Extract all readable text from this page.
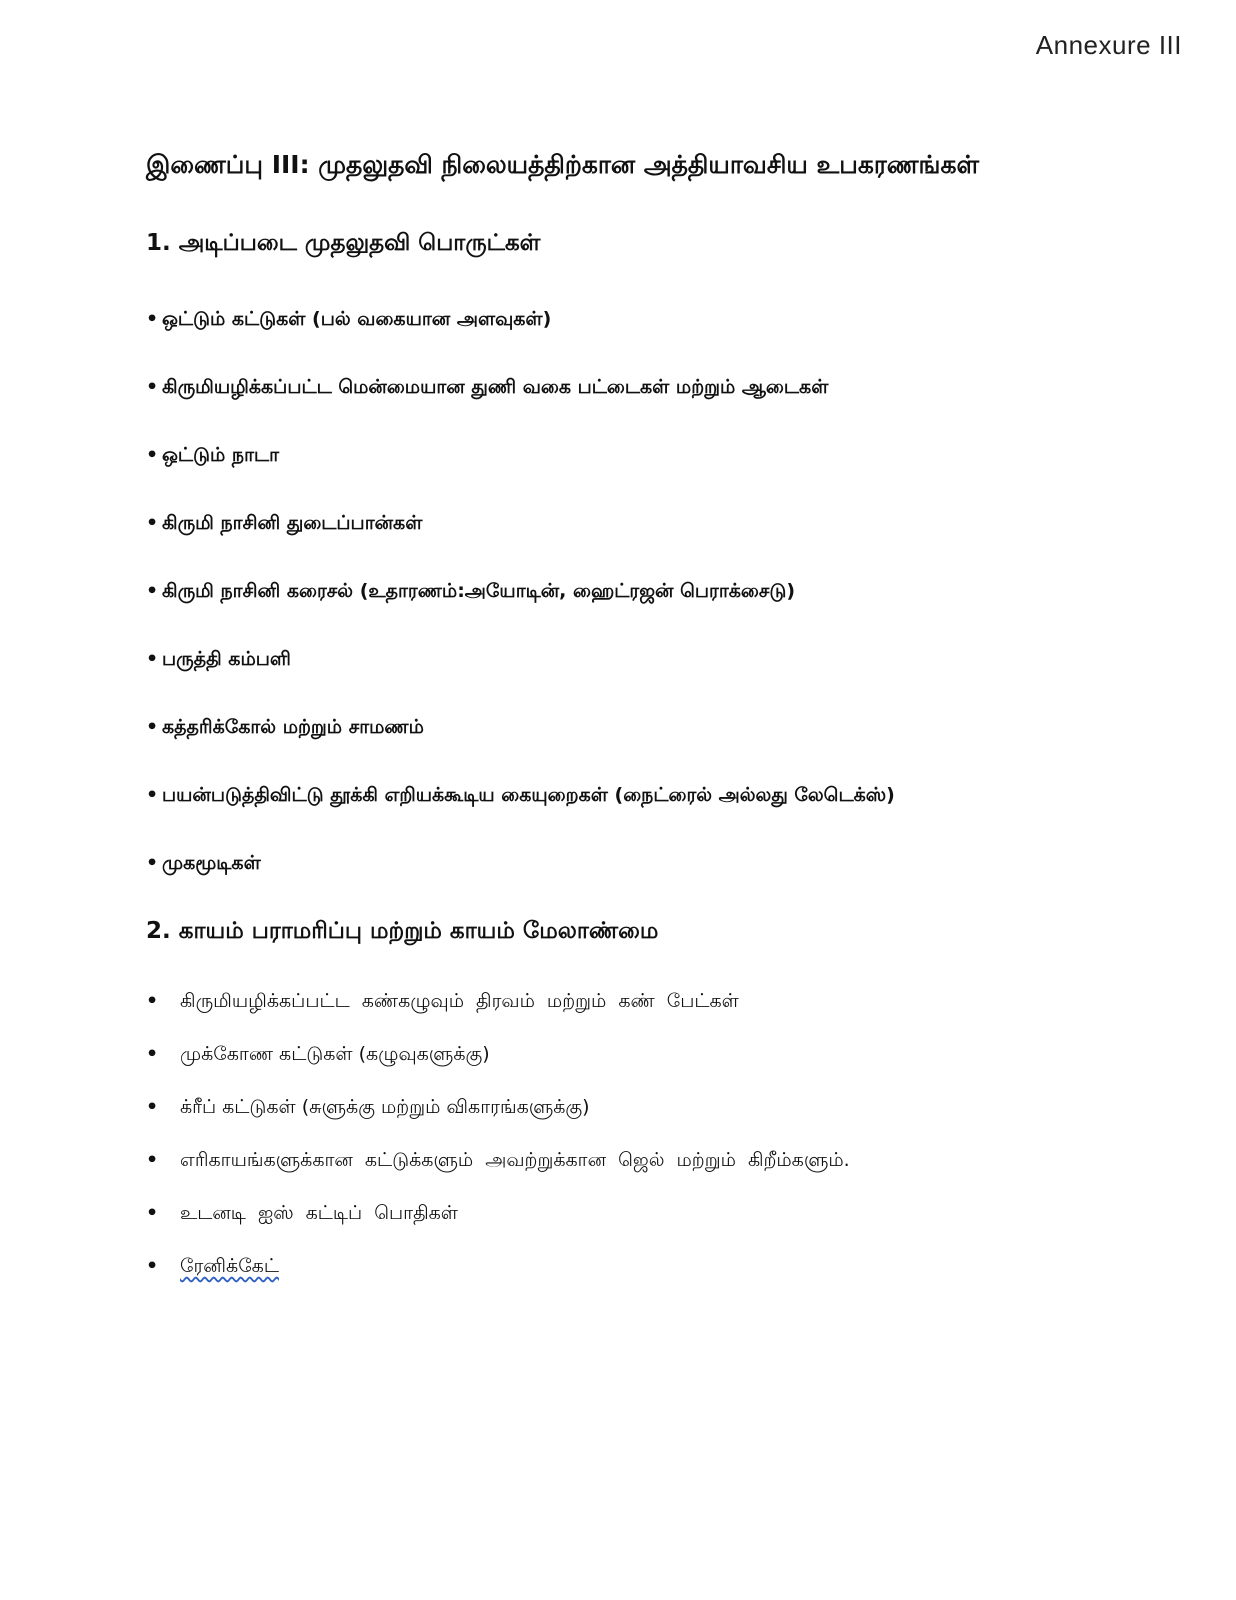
Annexure III
இணைப்பு III: முதலுதவி நிலையத்திற்கான அத்தியாவசிய உபகரணங்கள்
1. அடிப்படை முதலுதவி பொருட்கள்
• ஒட்டும் கட்டுகள் (பல் வகையான அளவுகள்)
• கிருமியழிக்கப்பட்ட மென்மையான துணி வகை பட்டைகள் மற்றும் ஆடைகள்
• ஒட்டும் நாடா
• கிருமி நாசினி துடைப்பான்கள்
• கிருமி நாசினி கரைசல் (உதாரணம்:அயோடின், ஹைட்ரஜன் பெராக்சைடு)
• பருத்தி கம்பளி
• கத்தரிக்கோல் மற்றும் சாமணம்
• பயன்படுத்திவிட்டு தூக்கி எறியக்கூடிய கையுறைகள் (நைட்ரைல் அல்லது லேடெக்ஸ்)
• முகமூடிகள்
2. காயம் பராமரிப்பு மற்றும் காயம் மேலாண்மை
•	கிருமியழிக்கப்பட்ட கண்கழுவும் திரவம் மற்றும் கண் பேட்கள்
•	முக்கோண கட்டுகள் (கழுவுகளுக்கு)
•	க்ரீப் கட்டுகள் (சுளுக்கு மற்றும் விகாரங்களுக்கு)
•	எரிகாயங்களுக்கான கட்டுக்களும் அவற்றுக்கான ஜெல் மற்றும் கிறீம்களும்.
•	உடனடி ஐஸ் கட்டிப் பொதிகள்
•	ரேனிக்கேட்
